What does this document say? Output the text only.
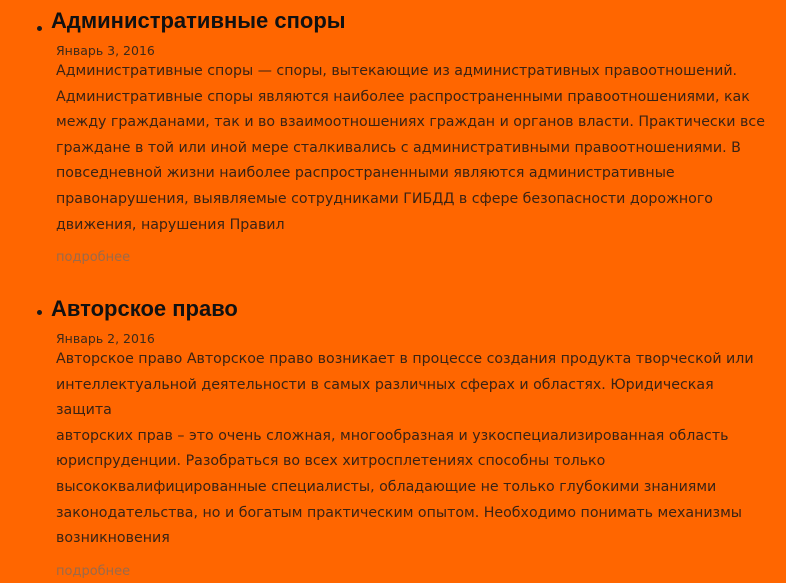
Административные споры

Январь 3, 2016

Административные споры — споры, вытекающие из административных правоотношений.
Административные споры являются наиболее распространенными правоотношениями, как
между гражданами, так и во взаимоотношениях граждан и органов власти. Практически все
граждане в той или иной мере сталкивались с административными правоотношениями. В
повседневной жизни наиболее распространенными являются административные
правонарушения, выявляемые сотрудниками ГИБДД в сфере безопасности дорожного
движения, нарушения Правил
подробнее
Авторское право

Январь 2, 2016

Авторское право Авторское право возникает в процессе создания продукта творческой или
интеллектуальной деятельности в самых различных сферах и областях. Юридическая защита
авторских прав – это очень сложная, многообразная и узкоспециализированная область
юриспруденции. Разобраться во всех хитросплетениях способны только
высококвалифицированные специалисты, обладающие не только глубокими знаниями
законодательства, но и богатым практическим опытом. Необходимо понимать механизмы
возникновения
подробнее
